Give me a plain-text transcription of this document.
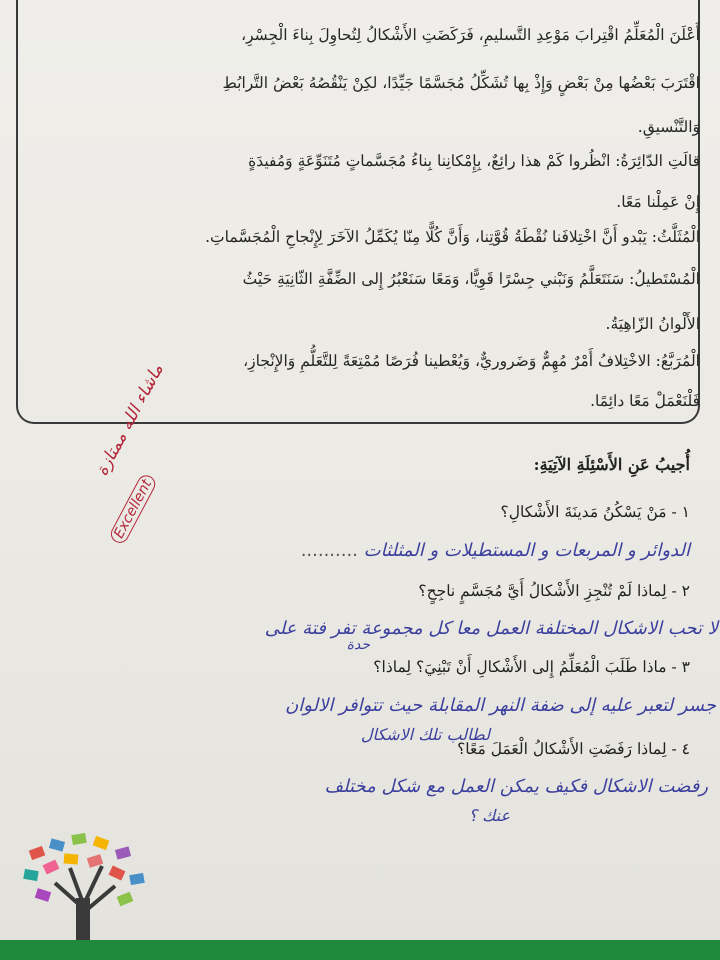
أَعْلَنَ الْمُعَلِّمُ اقْتِرابَ مَوْعِدِ التَّسليمِ، فَرَكَضَتِ الأَشْكالُ لِتُحاوِلَ بِناءَ الْجِسْرِ،
اقْتَرَبَ بَعْضُها مِنْ بَعْضٍ وَإِذْ بِها تُشَكِّلُ مُجَسَّمًا جَيِّدًا، لكِنْ يَنْقُصُهُ بَعْضُ التَّرابُطِ
وَالتَّنْسيقِ.
قالَتِ الدّائِرَةُ: انْظُروا كَمْ هذا رائِعٌ، بِإِمْكانِنا بِناءُ مُجَسَّماتٍ مُتَنَوِّعَةٍ وَمُفيدَةٍ
إِنْ عَمِلْنا مَعًا.
الْمُثَلَّثُ: يَبْدو أَنَّ اخْتِلافَنا نُقْطَةُ قُوَّتِنا، وَأَنَّ كُلًّا مِنّا يُكَمِّلُ الآخَرَ لِإِنْجاحِ الْمُجَسَّماتِ.
الْمُسْتَطيلُ: سَنَتَعَلَّمُ وَنَبْني جِسْرًا قَوِيًّا، وَمَعًا سَنَعْبُرُ إِلى الضِّفَّةِ الثّانِيَةِ حَيْثُ
الأَلْوانُ الزّاهِيَةُ.
الْمُرَبَّعُ: الاخْتِلافُ أَمْرٌ مُهِمٌّ وَضَروريٌّ، وَيُعْطينا فُرَصًا مُمْتِعَةً لِلتَّعَلُّمِ وَالإِنْجازِ،
فَلْنَعْمَلْ مَعًا دائِمًا.
أُجيبُ عَنِ الأَسْئِلَةِ الآتِيَةِ:
١ - مَنْ يَسْكُنُ مَدينَةَ الأَشْكالِ؟
الدوائر و المربعات و المستطيلات و المثلثات ..........
٢ - لِماذا لَمْ تُنْجِزِ الأَشْكالُ أَيَّ مُجَسَّمٍ ناجِحٍ؟
لا تحب الاشكال المختلفة العمل معا كل مجموعة تفر فتة على
حدة
٣ - ماذا طَلَبَ الْمُعَلِّمُ إِلى الأَشْكالِ أَنْ تَبْنِيَ؟ لِماذا؟
جسر لتعبر عليه إلى ضفة النهر المقابلة حيث تتوافر الالوان
لطالب تلك الاشكال
٤ - لِماذا رَفَضَتِ الأَشْكالُ الْعَمَلَ مَعًا؟
رفضت الاشكال فكيف يمكن العمل مع شكل مختلف
عنك ؟
ماشاء الله ممتازة
Excellent
